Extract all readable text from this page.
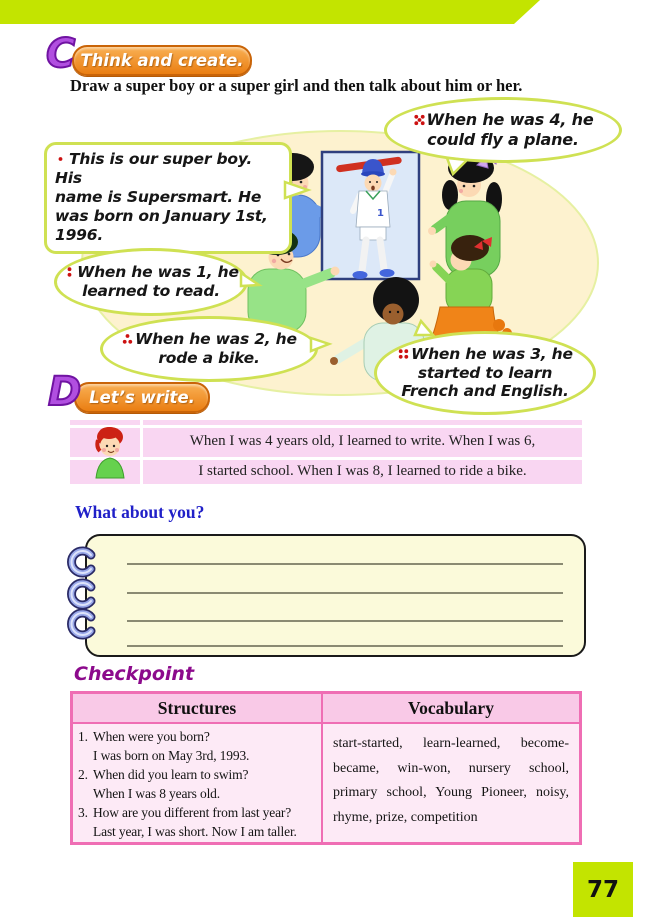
C Think and create.
Draw a super boy or a super girl and then talk about him or her.
1
This is our super boy. His
name is Supersmart. He
was born on January 1st,
1996.
When he was 4, he
could fly a plane.
When he was 1, he
learned to read.
When he was 2, he
rode a bike.	When he was 3, he
started to learn
French and English.
D Let’s write.
When I was 4 years old, I learned to write. When I was 6,
I started school. When I was 8, I learned to ride a bike.
What about you?
Checkpoint
Structures	Vocabulary
1. When were you born?
I was born on May 3rd, 1993.
2. When did you learn to swim?
When I was 8 years old.
3. How are you different from last year?
Last year, I was short. Now I am taller.
start-started, learn-learned, become-became, win-won, nursery school, primary school, Young Pioneer, noisy, rhyme, prize, competition
77
